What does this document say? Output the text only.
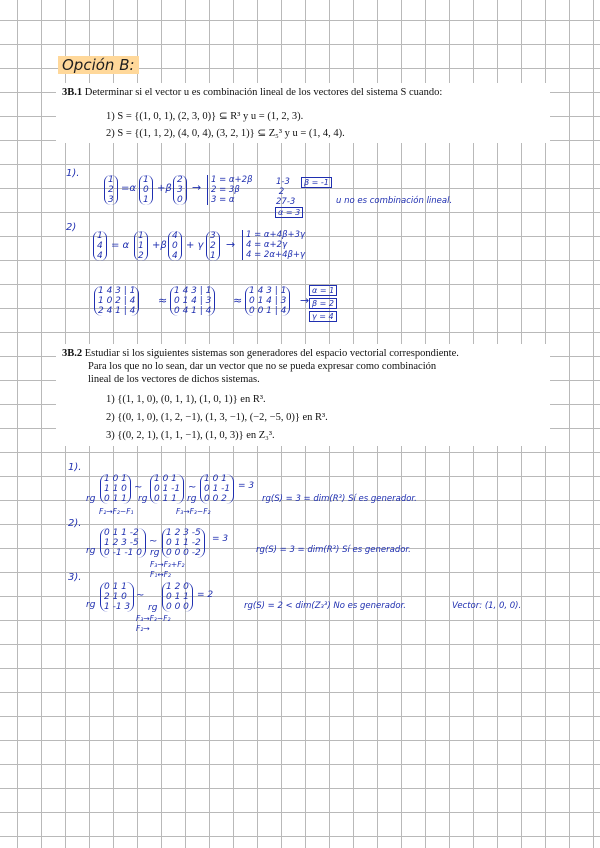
Opción B:
3B.1 Determinar si el vector u es combinación lineal de los vectores del sistema S cuando:
1) S = {(1, 0, 1), (2, 3, 0)} ⊆ R³ y u = (1, 2, 3).
2) S = {(1, 1, 2), (4, 0, 4), (3, 2, 1)} ⊆ Z₅³ y u = (1, 4, 4).
1).
1
2
3
=α
1
0
1
+β
2
3
0
→
1 = α+2β
2 = 3β
3 = α
1-3
2
27-3
β = -1
α = 3
u no es combinación lineal.
2)
1
4
4
= α
1
1
2
+β
4
0
4
+ γ
3
2
1
→
1 = α+4β+3γ
4 = α+2γ
4 = 2α+4β+γ
1 4 3 | 1
1 0 2 | 4
2 4 1 | 4
≈
1 4 3 | 1
0 1 4 | 3
0 4 1 | 4
≈
1 4 3 | 1
0 1 4 | 3
0 0 1 | 4
→
α = 1
β = 2
γ = 4
3B.2 Estudiar si los siguientes sistemas son generadores del espacio vectorial correspondiente.
Para los que no lo sean, dar un vector que no se pueda expresar como combinación
lineal de los vectores de dichos sistemas.
1) {(1, 1, 0), (0, 1, 1), (1, 0, 1)} en R³.
2) {(0, 1, 0), (1, 2, −1), (1, 3, −1), (−2, −5, 0)} en R³.
3) {(0, 2, 1), (1, 1, −1), (1, 0, 3)} en Z₃³.
1).
rg
1 0 1
1 1 0
0 1 1
~
rg
1 0 1
0 1 -1
0 1 1
~
rg
1 0 1
0 1 -1
0 0 2
= 3
F₂→F₂−F₁	F₃→F₃−F₂
rg(S) = 3 = dim(R³) Sí es generador.
2).
rg
0 1 1 -2
1 2 3 -5
0 -1 -1 0
~
rg
1 2 3 -5
0 1 1 -2
0 0 0 -2
= 3
F₃→F₃+F₂
F₁↔F₂
rg(S) = 3 = dim(R³) Sí es generador.
3).
rg
0 1 1
2 1 0
1 -1 3
~
rg
1 2 0
0 1 1
0 0 0
= 2
F₃→F₃−F₂
F₂→
rg(S) = 2 < dim(Z₃³) No es generador.	Vector: (1, 0, 0).
